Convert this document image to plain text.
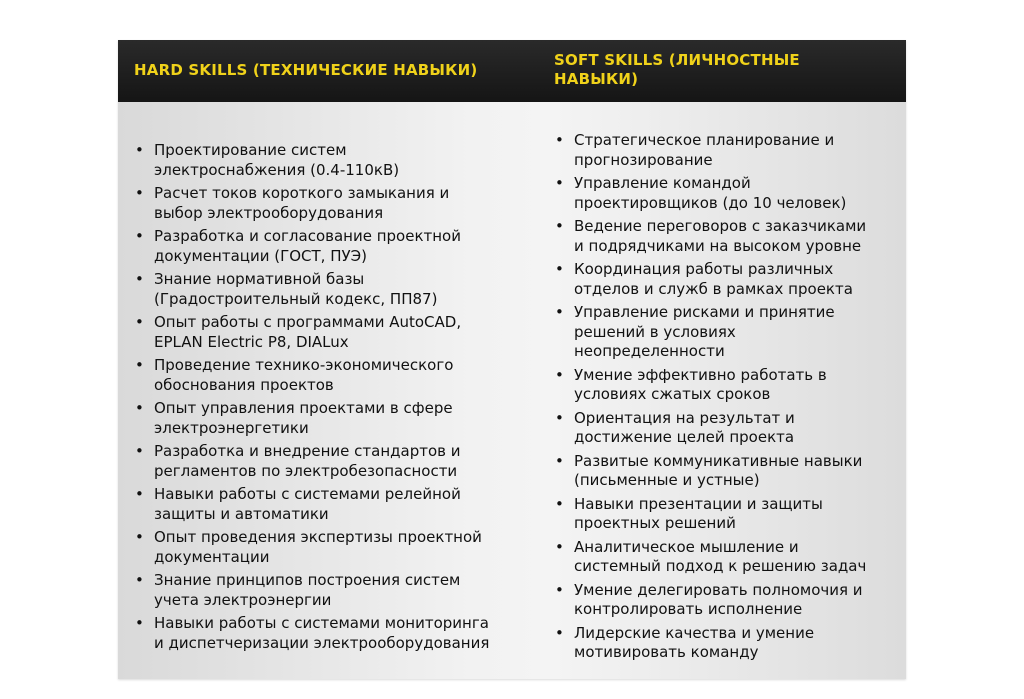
HARD SKILLS (ТЕХНИЧЕСКИЕ НАВЫКИ)
SOFT SKILLS (ЛИЧНОСТНЫЕ
НАВЫКИ)
• Проектирование систем
электроснабжения (0.4-110кВ)
• Расчет токов короткого замыкания и
выбор электрооборудования
• Разработка и согласование проектной
документации (ГОСТ, ПУЭ)
• Знание нормативной базы
(Градостроительный кодекс, ПП87)
• Опыт работы с программами AutoCAD,
EPLAN Electric P8, DIALux
• Проведение технико-экономического
обоснования проектов
• Опыт управления проектами в сфере
электроэнергетики
• Разработка и внедрение стандартов и
регламентов по электробезопасности
• Навыки работы с системами релейной
защиты и автоматики
• Опыт проведения экспертизы проектной
документации
• Знание принципов построения систем
учета электроэнергии
• Навыки работы с системами мониторинга
и диспетчеризации электрооборудования
• Стратегическое планирование и
прогнозирование
• Управление командой
проектировщиков (до 10 человек)
• Ведение переговоров с заказчиками
и подрядчиками на высоком уровне
• Координация работы различных
отделов и служб в рамках проекта
• Управление рисками и принятие
решений в условиях
неопределенности
• Умение эффективно работать в
условиях сжатых сроков
• Ориентация на результат и
достижение целей проекта
• Развитые коммуникативные навыки
(письменные и устные)
• Навыки презентации и защиты
проектных решений
• Аналитическое мышление и
системный подход к решению задач
• Умение делегировать полномочия и
контролировать исполнение
• Лидерские качества и умение
мотивировать команду
